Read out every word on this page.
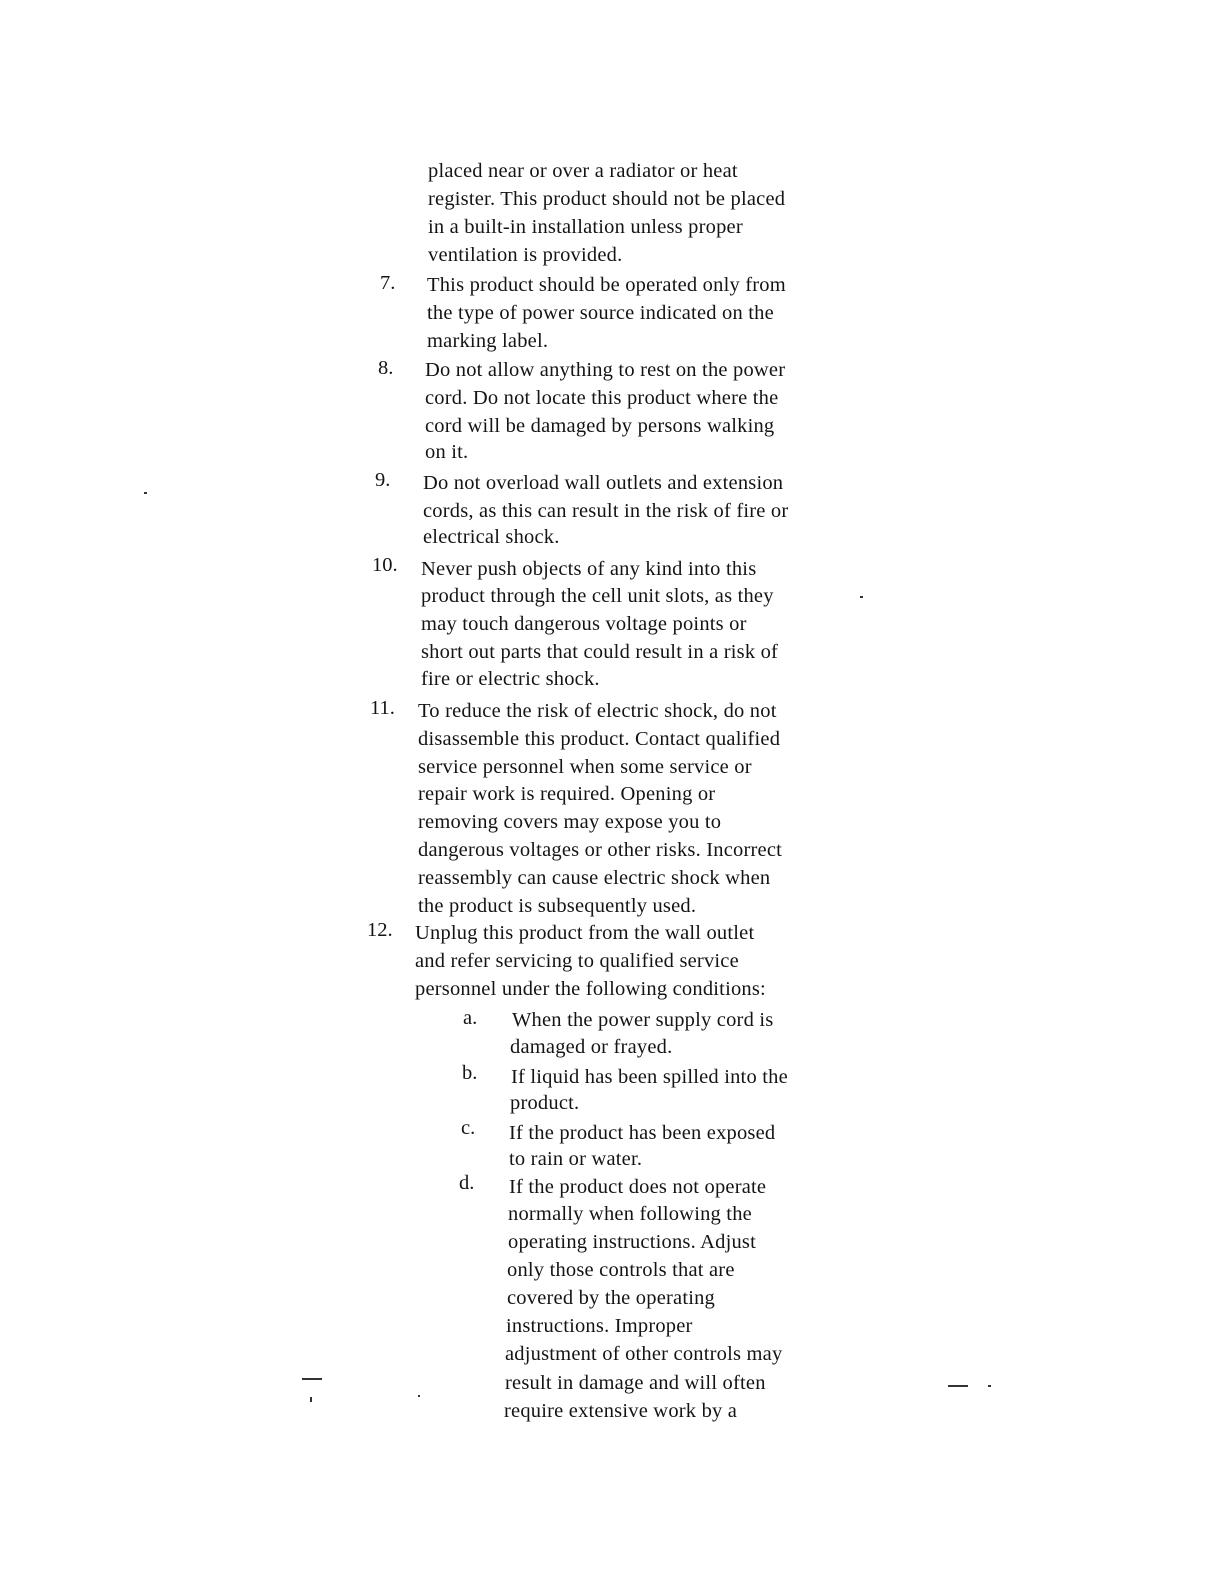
placed near or over a radiator or heat
register. This product should not be placed
in a built-in installation unless proper
ventilation is provided.
7. This product should be operated only from
the type of power source indicated on the
marking label.
8. Do not allow anything to rest on the power
cord. Do not locate this product where the
cord will be damaged by persons walking
on it.
9. Do not overload wall outlets and extension
cords, as this can result in the risk of fire or
electrical shock.
10. Never push objects of any kind into this
product through the cell unit slots, as they
may touch dangerous voltage points or
short out parts that could result in a risk of
fire or electric shock.
11. To reduce the risk of electric shock, do not
disassemble this product. Contact qualified
service personnel when some service or
repair work is required. Opening or
removing covers may expose you to
dangerous voltages or other risks. Incorrect
reassembly can cause electric shock when
the product is subsequently used.
12. Unplug this product from the wall outlet
and refer servicing to qualified service
personnel under the following conditions:
a. When the power supply cord is
damaged or frayed.
b. If liquid has been spilled into the
product.
c. If the product has been exposed
to rain or water.
d. If the product does not operate
normally when following the
operating instructions. Adjust
only those controls that are
covered by the operating
instructions. Improper
adjustment of other controls may
result in damage and will often
require extensive work by a
